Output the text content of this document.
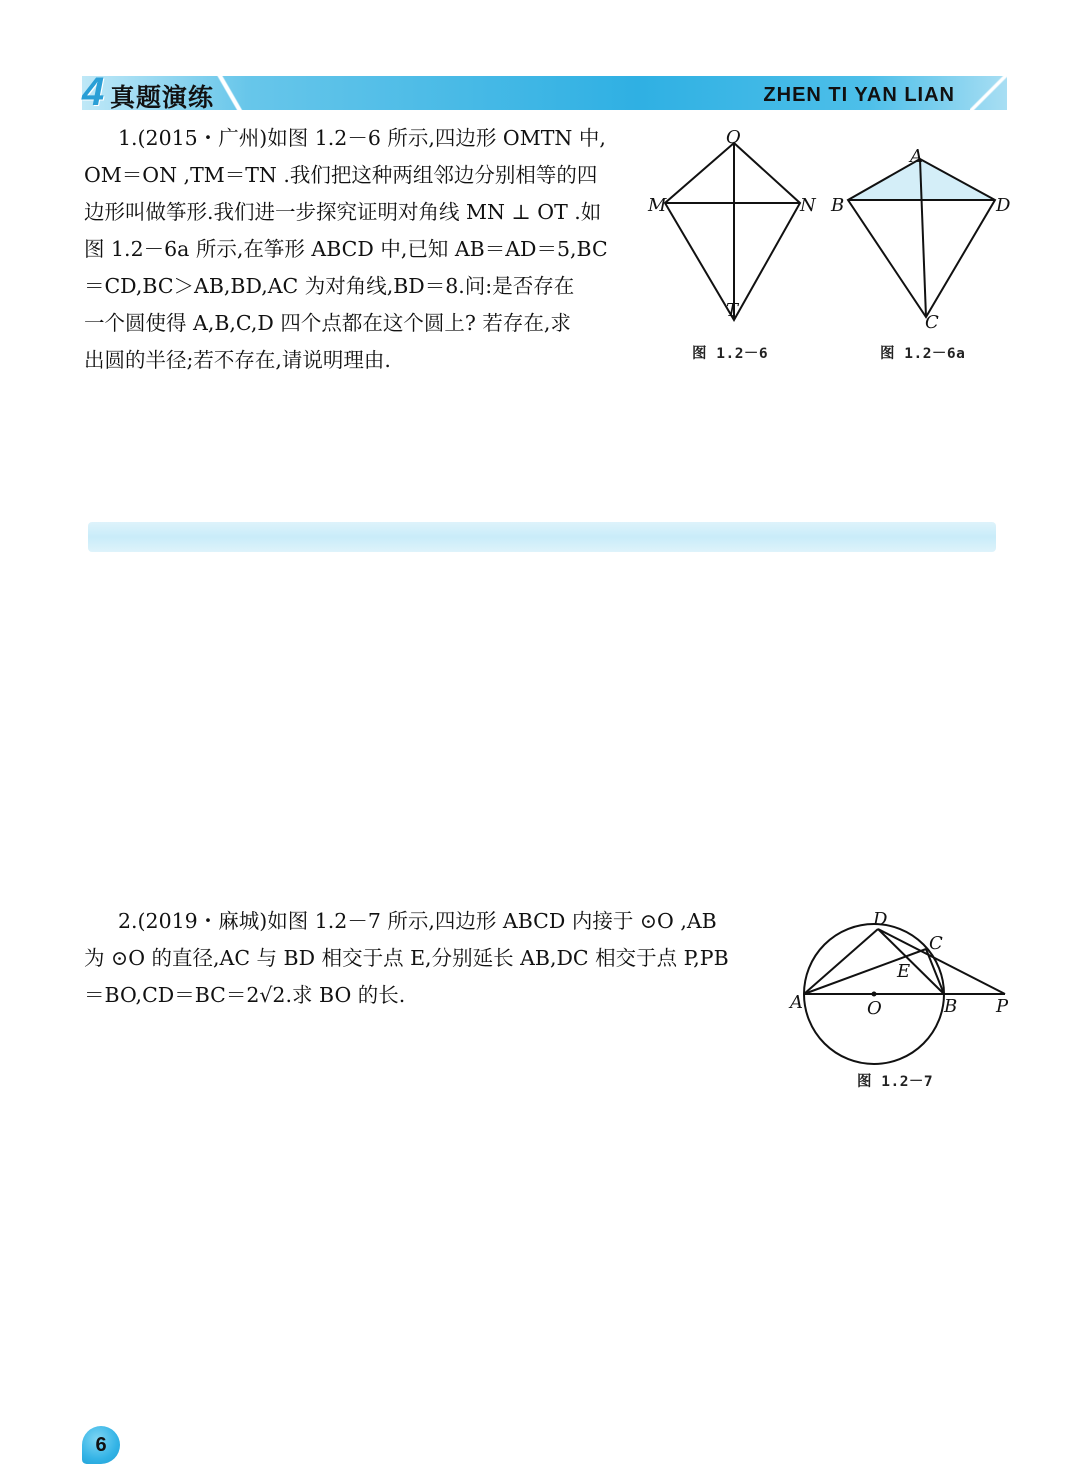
4 真题演练	ZHEN TI YAN LIAN
1.(2015・广州)如图 1.2－6 所示,四边形 OMTN 中,
OM＝ON ,TM＝TN .我们把这种两组邻边分别相等的四
边形叫做筝形.我们进一步探究证明对角线 MN ⊥ OT .如
图 1.2－6a 所示,在筝形 ABCD 中,已知 AB＝AD＝5,BC
＝CD,BC＞AB,BD,AC 为对角线,BD＝8.问:是否存在
一个圆使得 A,B,C,D 四个点都在这个圆上? 若存在,求
出圆的半径;若不存在,请说明理由.
O
M	N
T
图 1.2－6
A
B	D
C
图 1.2－6a
2.(2019・麻城)如图 1.2－7 所示,四边形 ABCD 内接于 ⊙O ,AB
为 ⊙O 的直径,AC 与 BD 相交于点 E,分别延长 AB,DC 相交于点 P,PB
＝BO,CD＝BC＝2√2.求 BO 的长.
D
C
E
A	O	B P
图 1.2－7
6
